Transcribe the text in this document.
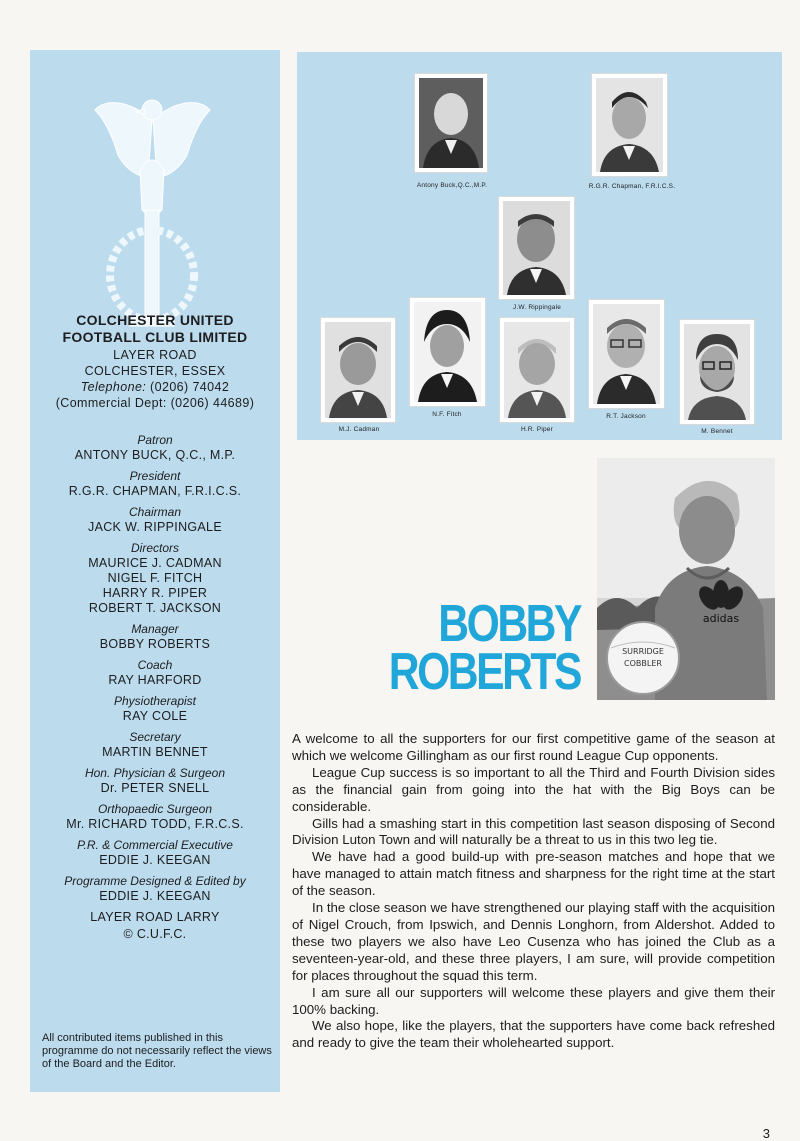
COLCHESTER UNITED
FOOTBALL CLUB LIMITED
LAYER ROAD
COLCHESTER, ESSEX
Telephone: (0206) 74042
(Commercial Dept: (0206) 44689)
Patron
ANTONY BUCK, Q.C., M.P.
President
R.G.R. CHAPMAN, F.R.I.C.S.
Chairman
JACK W. RIPPINGALE
Directors
MAURICE J. CADMAN
NIGEL F. FITCH
HARRY R. PIPER
ROBERT T. JACKSON
Manager
BOBBY ROBERTS
Coach
RAY HARFORD
Physiotherapist
RAY COLE
Secretary
MARTIN BENNET
Hon. Physician & Surgeon
Dr. PETER SNELL
Orthopaedic Surgeon
Mr. RICHARD TODD, F.R.C.S.
P.R. & Commercial Executive
EDDIE J. KEEGAN
Programme Designed & Edited by
EDDIE J. KEEGAN
LAYER ROAD LARRY
© C.U.F.C.
All contributed items published in this programme do not necessarily reflect the views of the Board and the Editor.
Antony Buck,Q.C.,M.P.	R.G.R. Chapman, F.R.I.C.S.
J.W. Rippingale
M.J. Cadman
N.F. Fitch
H.R. Piper
R.T. Jackson
M. Bennet
adidas
SURRIDGE
COBBLER
BOBBY
ROBERTS

A welcome to all the supporters for our first competitive game of the season at which we welcome Gillingham as our first round League Cup opponents.

League Cup success is so important to all the Third and Fourth Division sides as the financial gain from going into the hat with the Big Boys can be considerable.

Gills had a smashing start in this competition last season disposing of Second Division Luton Town and will naturally be a threat to us in this two leg tie.

We have had a good build-up with pre-season matches and hope that we have managed to attain match fitness and sharpness for the right time at the start of the season.

In the close season we have strengthened our playing staff with the acquisition of Nigel Crouch, from Ipswich, and Dennis Longhorn, from Aldershot. Added to these two players we also have Leo Cusenza who has joined the Club as a seventeen-year-old, and these three players, I am sure, will provide competition for places throughout the squad this term.

I am sure all our supporters will welcome these players and give them their 100% backing.

We also hope, like the players, that the supporters have come back refreshed and ready to give the team their wholehearted support.

3
